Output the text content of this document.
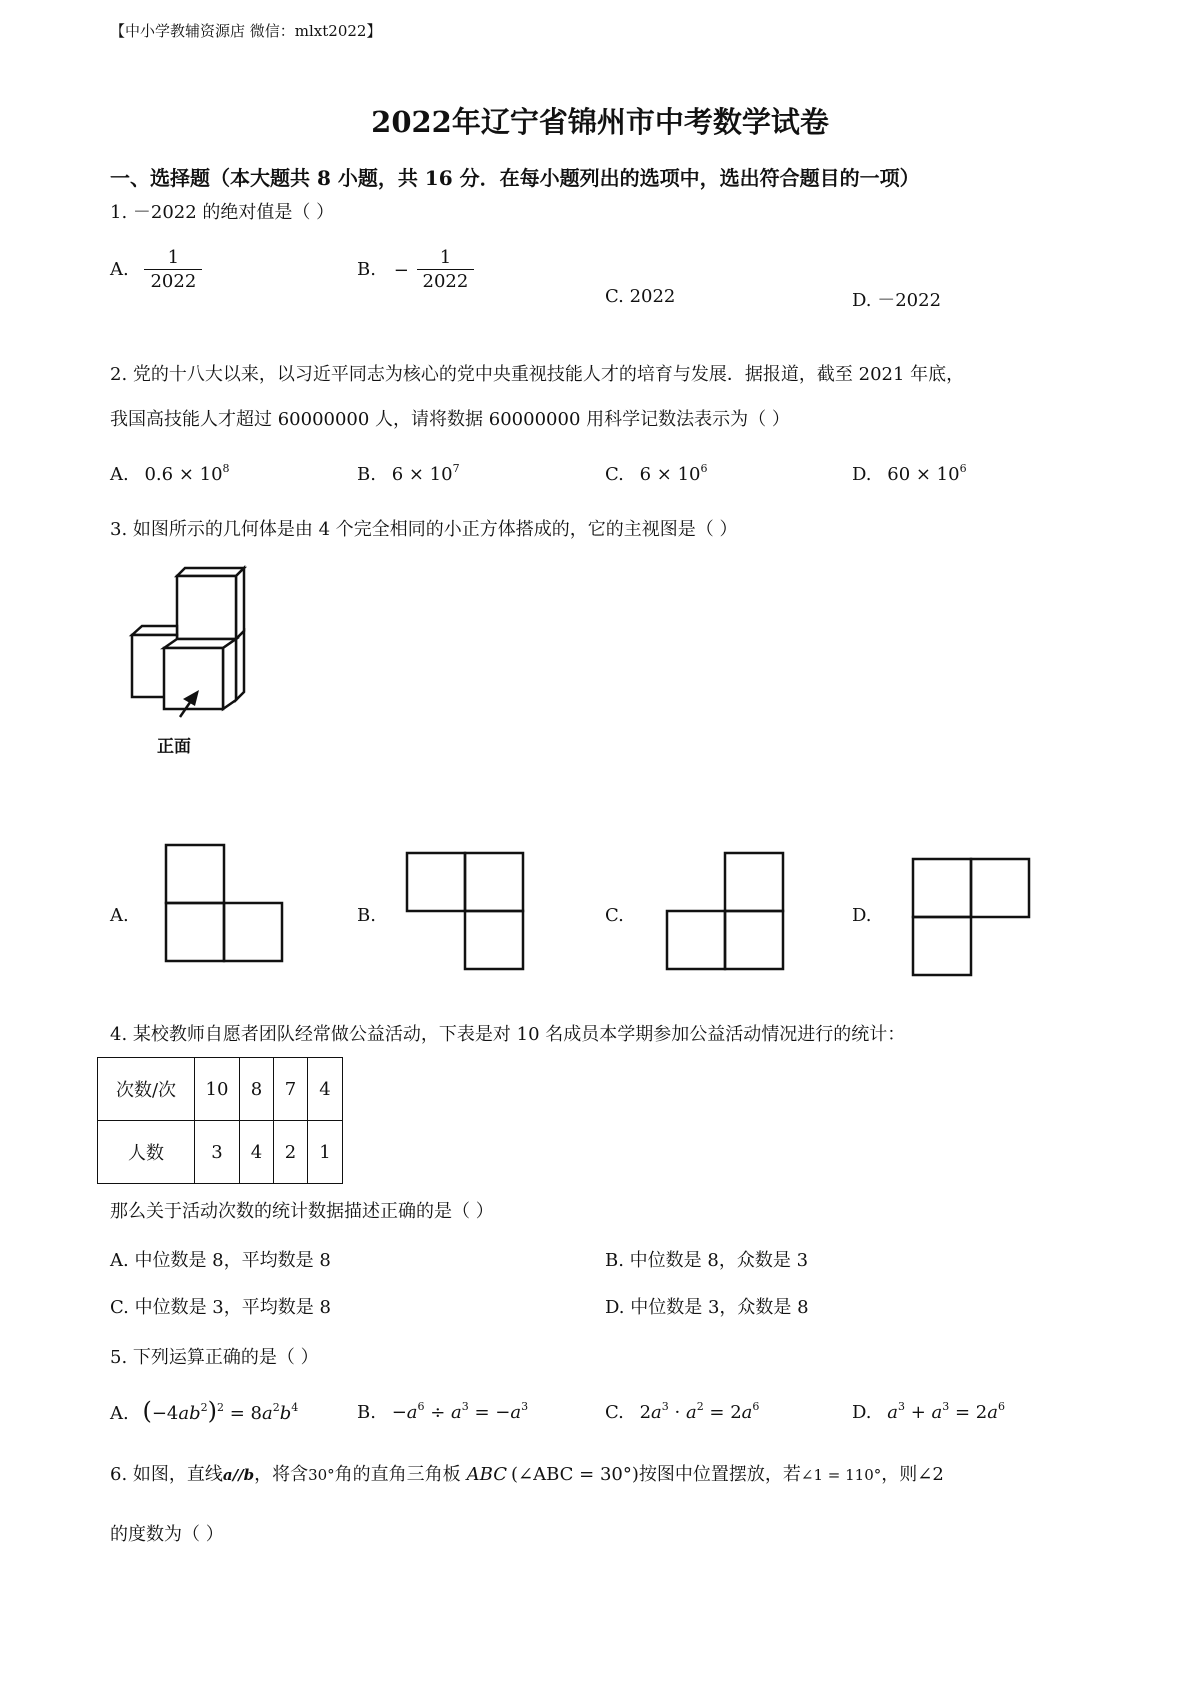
【中小学教辅资源店 微信：mlxt2022】
2022年辽宁省锦州市中考数学试卷
一、选择题（本大题共 8 小题，共 16 分．在每小题列出的选项中，选出符合题目的一项）
1. －2022 的绝对值是（ ）
A. $\frac{1}{2022}$	B. − $\frac{1}{2022}$
C. 2022	D. －2022
2. 党的十八大以来，以习近平同志为核心的党中央重视技能人才的培育与发展．据报道，截至 2021 年底，
我国高技能人才超过 60000000 人，请将数据 60000000 用科学记数法表示为（ ）
A. $0.6 \times 10^8$	B. $6 \times 10^7$	C. $6 \times 10^6$	D. $60 \times 10^6$
3. 如图所示的几何体是由 4 个完全相同的小正方体搭成的，它的主视图是（ ）
正面
A.	B.	C.	D.
4. 某校教师自愿者团队经常做公益活动，下表是对 10 名成员本学期参加公益活动情况进行的统计：
次数/次	10	8	7	4
人数	3	4	2	1
那么关于活动次数的统计数据描述正确的是（ ）
A. 中位数是 8，平均数是 8	B. 中位数是 8，众数是 3
C. 中位数是 3，平均数是 8	D. 中位数是 3，众数是 8
5. 下列运算正确的是（ ）
A. $(-4ab^2)^2 = 8a^2b^4$	B. $-a^6 \div a^3 = -a^3$	C. $2a^3 \cdot a^2 = 2a^6$	D. $a^3 + a^3 = 2a^6$
6. 如图，直线a//b，将含30°角的直角三角板 ABC (∠ABC = 30°)按图中位置摆放，若∠1 = 110°，则∠2
的度数为（ ）
